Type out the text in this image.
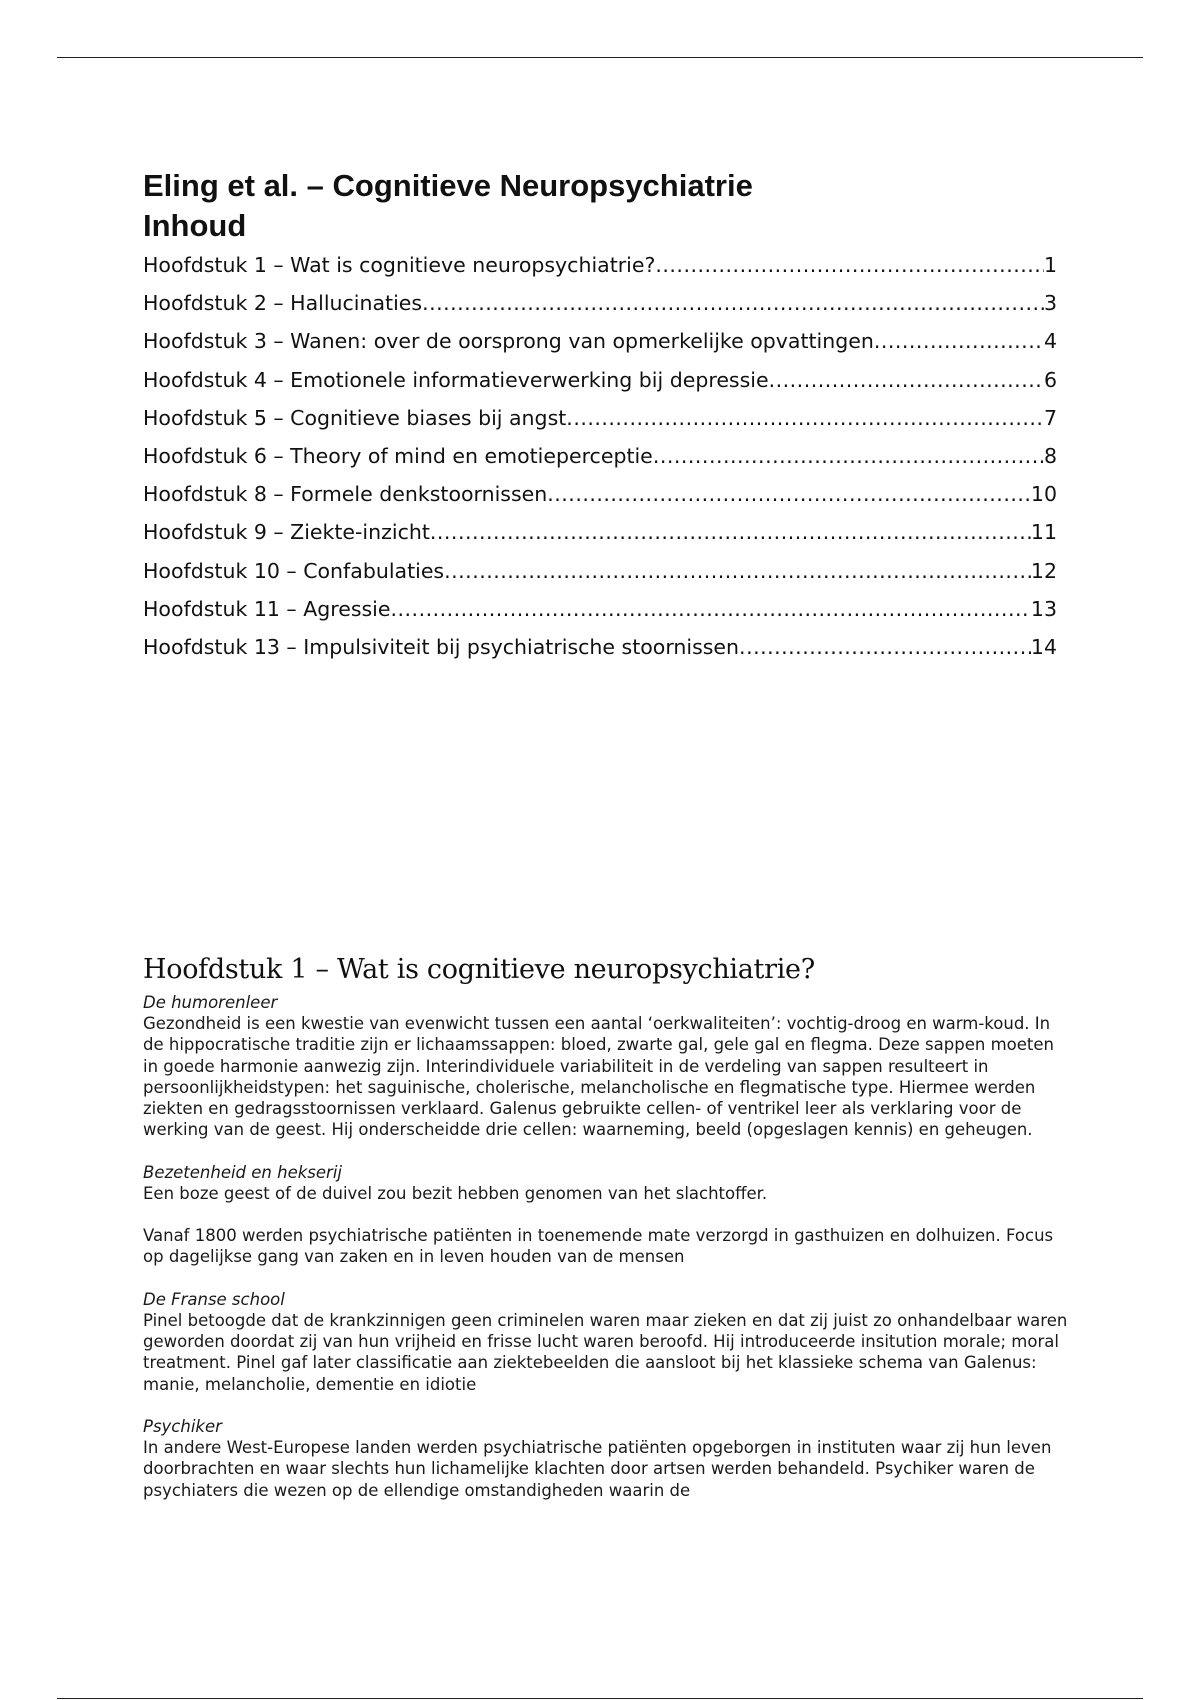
Eling et al. – Cognitieve Neuropsychiatrie
Inhoud
Hoofdstuk 1 – Wat is cognitieve neuropsychiatrie? .....	1
Hoofdstuk 2 – Hallucinaties .....	3
Hoofdstuk 3 – Wanen: over de oorsprong van opmerkelijke opvattingen .....	4
Hoofdstuk 4 – Emotionele informatieverwerking bij depressie .....	6
Hoofdstuk 5 – Cognitieve biases bij angst .....	7
Hoofdstuk 6 – Theory of mind en emotieperceptie .....	8
Hoofdstuk 8 – Formele denkstoornissen .....	10
Hoofdstuk 9 – Ziekte-inzicht .....	11
Hoofdstuk 10 – Confabulaties .....	12
Hoofdstuk 11 – Agressie .....	13
Hoofdstuk 13 – Impulsiviteit bij psychiatrische stoornissen .....	14
Hoofdstuk 1 – Wat is cognitieve neuropsychiatrie?
De humorenleer
Gezondheid is een kwestie van evenwicht tussen een aantal ‘oerkwaliteiten’: vochtig-droog en warm-koud. In de hippocratische traditie zijn er lichaamssappen: bloed, zwarte gal, gele gal en flegma. Deze sappen moeten in goede harmonie aanwezig zijn. Interindividuele variabiliteit in de verdeling van sappen resulteert in persoonlijkheidstypen: het saguinische, cholerische, melancholische en flegmatische type. Hiermee werden ziekten en gedragsstoornissen verklaard. Galenus gebruikte cellen- of ventrikel leer als verklaring voor de werking van de geest. Hij onderscheidde drie cellen: waarneming, beeld (opgeslagen kennis) en geheugen.
Bezetenheid en hekserij
Een boze geest of de duivel zou bezit hebben genomen van het slachtoffer.
Vanaf 1800 werden psychiatrische patiënten in toenemende mate verzorgd in gasthuizen en dolhuizen. Focus op dagelijkse gang van zaken en in leven houden van de mensen
De Franse school
Pinel betoogde dat de krankzinnigen geen criminelen waren maar zieken en dat zij juist zo onhandelbaar waren geworden doordat zij van hun vrijheid en frisse lucht waren beroofd. Hij introduceerde insitution morale; moral treatment. Pinel gaf later classificatie aan ziektebeelden die aansloot bij het klassieke schema van Galenus: manie, melancholie, dementie en idiotie
Psychiker
In andere West-Europese landen werden psychiatrische patiënten opgeborgen in instituten waar zij hun leven doorbrachten en waar slechts hun lichamelijke klachten door artsen werden behandeld. Psychiker waren de psychiaters die wezen op de ellendige omstandigheden waarin de
